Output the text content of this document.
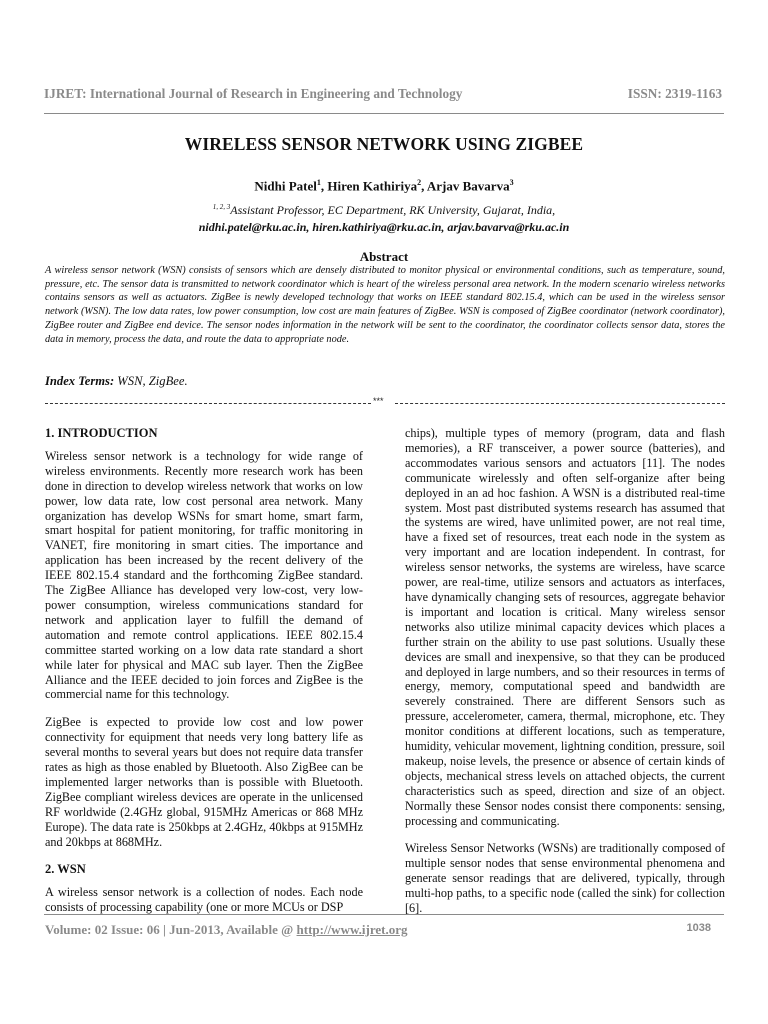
IJRET: International Journal of Research in Engineering and Technology	ISSN: 2319-1163
WIRELESS SENSOR NETWORK USING ZIGBEE
Nidhi Patel$^1$, Hiren Kathiriya$^2$, Arjav Bavarva$^3$
$^{1, 2, 3}$Assistant Professor, EC Department, RK University, Gujarat, India,
nidhi.patel@rku.ac.in, hiren.kathiriya@rku.ac.in, arjav.bavarva@rku.ac.in
Abstract
A wireless sensor network (WSN) consists of sensors which are densely distributed to monitor physical or environmental conditions, such as temperature, sound, pressure, etc. The sensor data is transmitted to network coordinator which is heart of the wireless personal area network. In the modern scenario wireless networks contains sensors as well as actuators. ZigBee is newly developed technology that works on IEEE standard 802.15.4, which can be used in the wireless sensor network (WSN). The low data rates, low power consumption, low cost are main features of ZigBee. WSN is composed of ZigBee coordinator (network coordinator), ZigBee router and ZigBee end device. The sensor nodes information in the network will be sent to the coordinator, the coordinator collects sensor data, stores the data in memory, process the data, and route the data to appropriate node.
Index Terms: WSN, ZigBee.
***
1. INTRODUCTION

Wireless sensor network is a technology for wide range of wireless environments. Recently more research work has been done in direction to develop wireless network that works on low power, low data rate, low cost personal area network. Many organization has develop WSNs for smart home, smart farm, smart hospital for patient monitoring, for traffic monitoring in VANET, fire monitoring in smart cities. The importance and application has been increased by the recent delivery of the IEEE 802.15.4 standard and the forthcoming ZigBee standard. The ZigBee Alliance has developed very low-cost, very low-power consumption, wireless communications standard for network and application layer to fulfill the demand of automation and remote control applications. IEEE 802.15.4 committee started working on a low data rate standard a short while later for physical and MAC sub layer. Then the ZigBee Alliance and the IEEE decided to join forces and ZigBee is the commercial name for this technology.

ZigBee is expected to provide low cost and low power connectivity for equipment that needs very long battery life as several months to several years but does not require data transfer rates as high as those enabled by Bluetooth. Also ZigBee can be implemented larger networks than is possible with Bluetooth. ZigBee compliant wireless devices are operate in the unlicensed RF worldwide (2.4GHz global, 915MHz Americas or 868 MHz Europe). The data rate is 250kbps at 2.4GHz, 40kbps at 915MHz and 20kbps at 868MHz.

2. WSN

A wireless sensor network is a collection of nodes. Each node consists of processing capability (one or more MCUs or DSP

chips), multiple types of memory (program, data and flash memories), a RF transceiver, a power source (batteries), and accommodates various sensors and actuators [11]. The nodes communicate wirelessly and often self-organize after being deployed in an ad hoc fashion. A WSN is a distributed real-time system. Most past distributed systems research has assumed that the systems are wired, have unlimited power, are not real time, have a fixed set of resources, treat each node in the system as very important and are location independent. In contrast, for wireless sensor networks, the systems are wireless, have scarce power, are real-time, utilize sensors and actuators as interfaces, have dynamically changing sets of resources, aggregate behavior is important and location is critical. Many wireless sensor networks also utilize minimal capacity devices which places a further strain on the ability to use past solutions. Usually these devices are small and inexpensive, so that they can be produced and deployed in large numbers, and so their resources in terms of energy, memory, computational speed and bandwidth are severely constrained. There are different Sensors such as pressure, accelerometer, camera, thermal, microphone, etc. They monitor conditions at different locations, such as temperature, humidity, vehicular movement, lightning condition, pressure, soil makeup, noise levels, the presence or absence of certain kinds of objects, mechanical stress levels on attached objects, the current characteristics such as speed, direction and size of an object. Normally these Sensor nodes consist there components: sensing, processing and communicating.

Wireless Sensor Networks (WSNs) are traditionally composed of multiple sensor nodes that sense environmental phenomena and generate sensor readings that are delivered, typically, through multi-hop paths, to a specific node (called the sink) for collection [6].

Volume: 02 Issue: 06 | Jun-2013, Available @ http://www.ijret.org	1038
